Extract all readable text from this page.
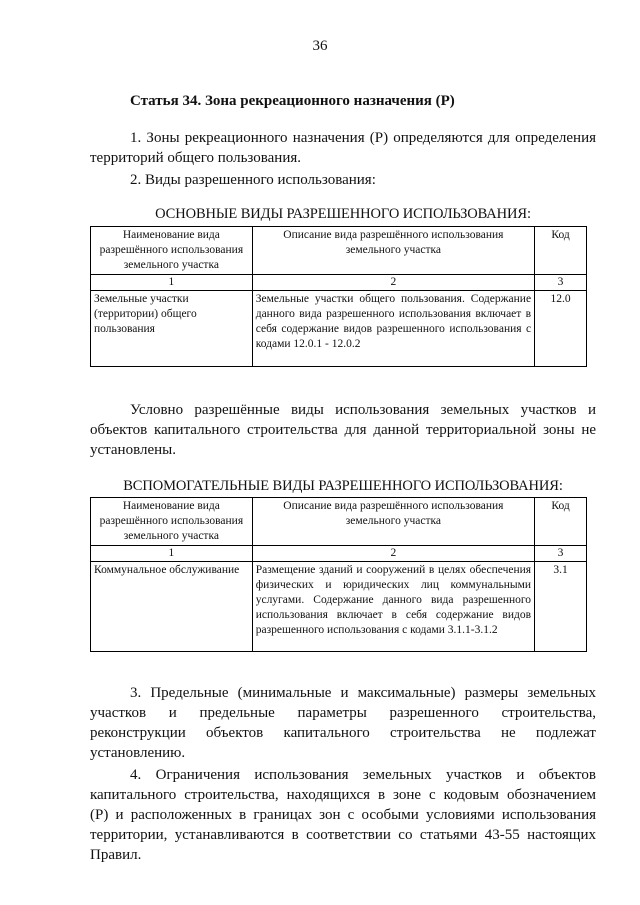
36
Статья 34. Зона рекреационного назначения (Р)
1. Зоны рекреационного назначения (Р) определяются для определения
территорий общего пользования.
2. Виды разрешенного использования:
ОСНОВНЫЕ ВИДЫ РАЗРЕШЕННОГО ИСПОЛЬЗОВАНИЯ:
Наименование вида разрешённого использования земельного участка	Описание вида разрешённого использования земельного участка	Код
1	2	3
Земельные участки (территории) общего пользования	Земельные участки общего пользования. Содержание данного вида разрешенного использования включает в себя содержание видов разрешенного использования с кодами 12.0.1 - 12.0.2	12.0
Условно разрешённые виды использования земельных участков и
объектов капитального строительства для данной территориальной зоны не
установлены.
ВСПОМОГАТЕЛЬНЫЕ ВИДЫ РАЗРЕШЕННОГО ИСПОЛЬЗОВАНИЯ:
Наименование вида разрешённого использования земельного участка	Описание вида разрешённого использования земельного участка	Код
1	2	3
Коммунальное обслуживание	Размещение зданий и сооружений в целях обеспечения физических и юридических лиц коммунальными услугами. Содержание данного вида разрешенного использования включает в себя содержание видов разрешенного использования с кодами 3.1.1-3.1.2	3.1
3. Предельные (минимальные и максимальные) размеры земельных
участков и предельные параметры разрешенного строительства,
реконструкции объектов капитального строительства не подлежат
установлению.
4. Ограничения использования земельных участков и объектов
капитального строительства, находящихся в зоне с кодовым обозначением
(Р) и расположенных в границах зон с особыми условиями использования
территории, устанавливаются в соответствии со статьями 43-55 настоящих
Правил.
